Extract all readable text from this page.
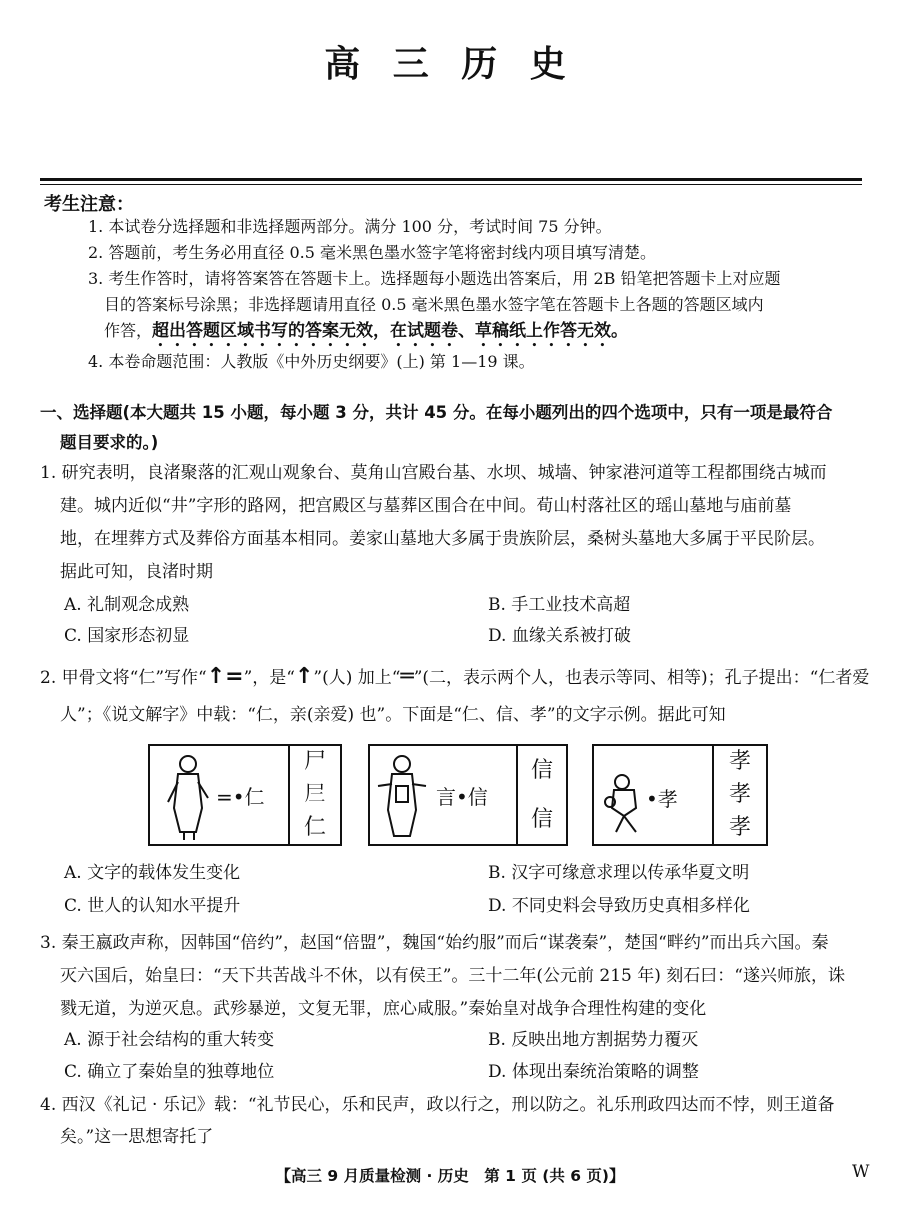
高 三 历 史
考生注意：
1. 本试卷分选择题和非选择题两部分。满分 100 分，考试时间 75 分钟。
2. 答题前，考生务必用直径 0.5 毫米黑色墨水签字笔将密封线内项目填写清楚。
3. 考生作答时，请将答案答在答题卡上。选择题每小题选出答案后，用 2B 铅笔把答题卡上对应题
目的答案标号涂黑；非选择题请用直径 0.5 毫米黑色墨水签字笔在答题卡上各题的答题区域内
作答，超出答题区域书写的答案无效，在试题卷、草稿纸上作答无效。
4. 本卷命题范围：人教版《中外历史纲要》(上) 第 1—19 课。
一、选择题(本大题共 15 小题，每小题 3 分，共计 45 分。在每小题列出的四个选项中，只有一项是最符合
题目要求的。)
1. 研究表明，良渚聚落的汇观山观象台、莫角山宫殿台基、水坝、城墙、钟家港河道等工程都围绕古城而
建。城内近似“井”字形的路网，把宫殿区与墓葬区围合在中间。荀山村落社区的瑶山墓地与庙前墓
地，在埋葬方式及葬俗方面基本相同。姜家山墓地大多属于贵族阶层，桑树头墓地大多属于平民阶层。
据此可知，良渚时期
A. 礼制观念成熟	B. 手工业技术高超
C. 国家形态初显	D. 血缘关系被打破
2. 甲骨文将“仁”写作“↑=”，是“↑”(人) 加上“═”(二，表示两个人，也表示等同、相等)；孔子提出：“仁者爱
人”；《说文解字》中载：“仁，亲(亲爱) 也”。下面是“仁、信、孝”的文字示例。据此可知
=•仁
尸
𡰥
仁
言•信
信
信
•孝
孝
孝
孝
A. 文字的载体发生变化	B. 汉字可缘意求理以传承华夏文明
C. 世人的认知水平提升	D. 不同史料会导致历史真相多样化
3. 秦王嬴政声称，因韩国“倍约”，赵国“倍盟”，魏国“始约服”而后“谋袭秦”，楚国“畔约”而出兵六国。秦
灭六国后，始皇曰：“天下共苦战斗不休，以有侯王”。三十二年(公元前 215 年) 刻石曰：“遂兴师旅，诛
戮无道，为逆灭息。武殄暴逆，文复无罪，庶心咸服。”秦始皇对战争合理性构建的变化
A. 源于社会结构的重大转变	B. 反映出地方割据势力覆灭
C. 确立了秦始皇的独尊地位	D. 体现出秦统治策略的调整
4. 西汉《礼记 · 乐记》载：“礼节民心，乐和民声，政以行之，刑以防之。礼乐刑政四达而不悖，则王道备
矣。”这一思想寄托了
【高三 9 月质量检测 · 历史　第 1 页 (共 6 页)】	W
